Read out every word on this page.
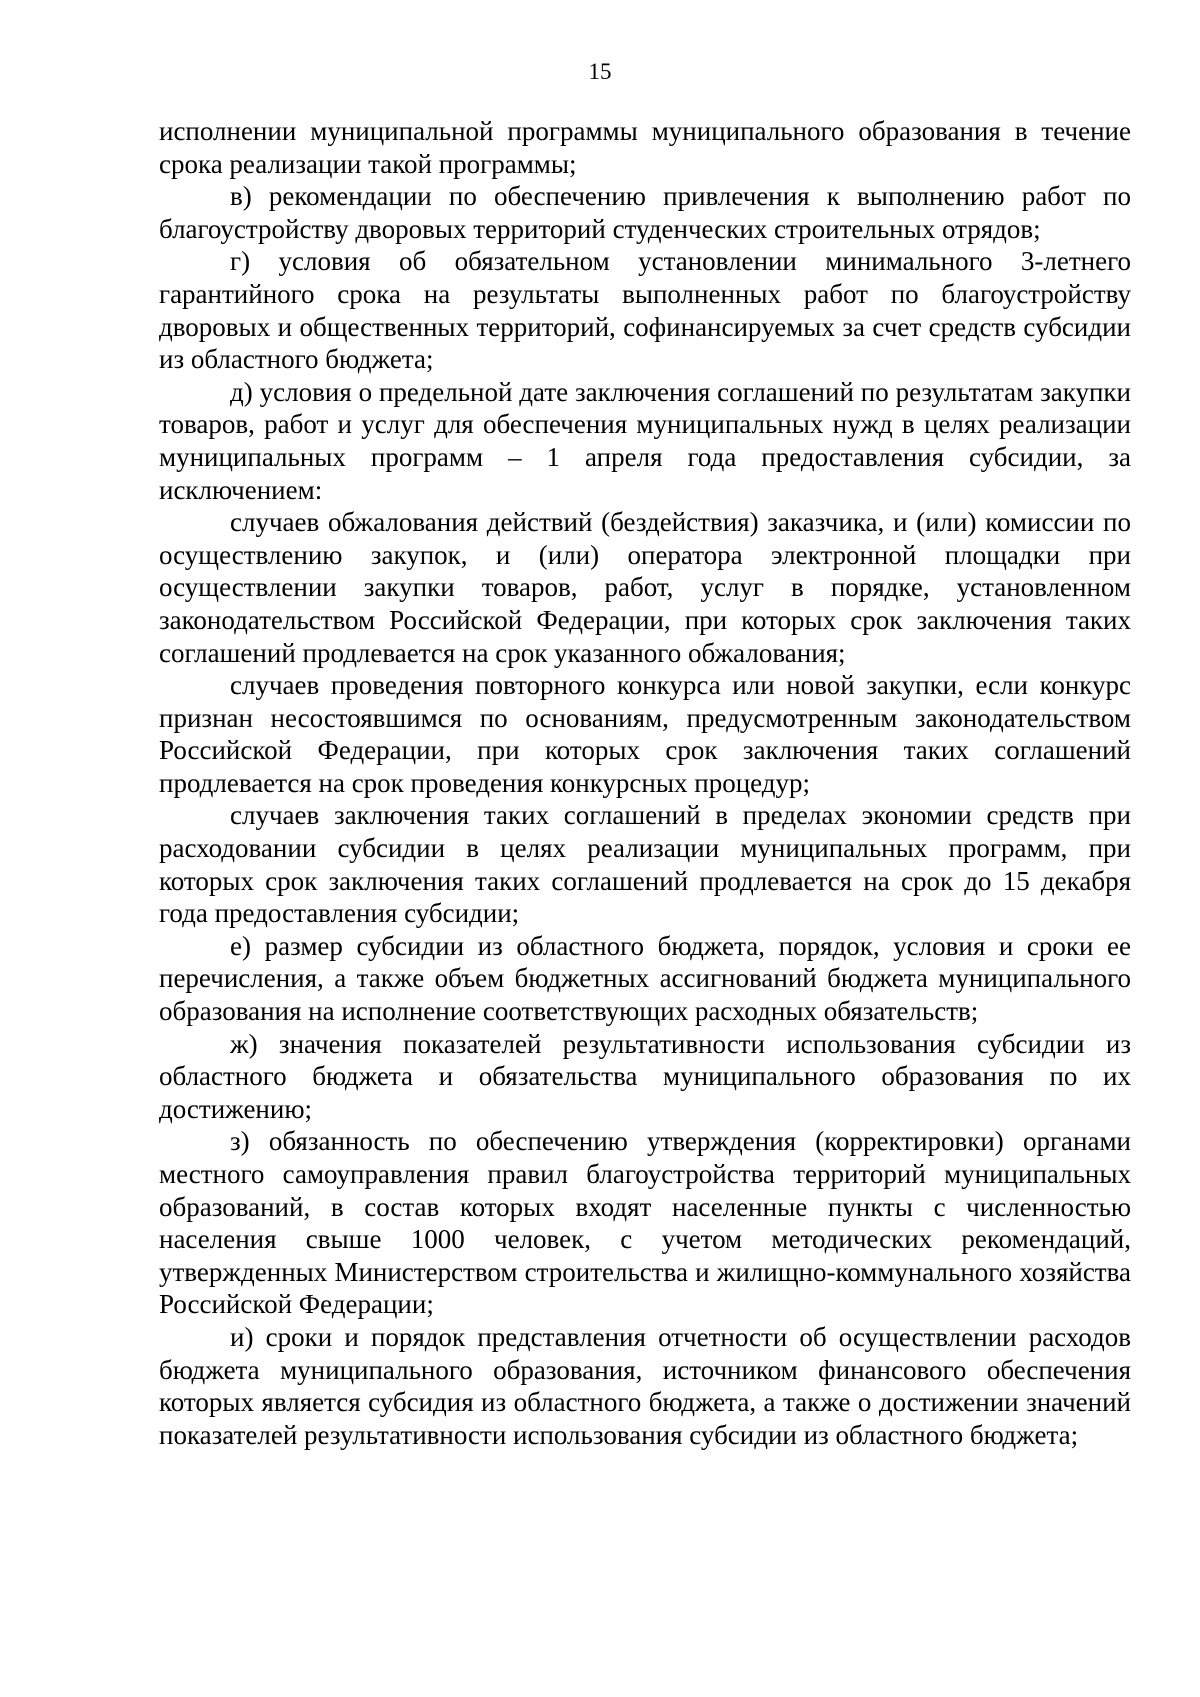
15

исполнении муниципальной программы муниципального образования в течение срока реализации такой программы;

в) рекомендации по обеспечению привлечения к выполнению работ по благоустройству дворовых территорий студенческих строительных отрядов;

г) условия об обязательном установлении минимального 3-летнего гарантийного срока на результаты выполненных работ по благоустройству дворовых и общественных территорий, софинансируемых за счет средств субсидии из областного бюджета;

д) условия о предельной дате заключения соглашений по результатам закупки товаров, работ и услуг для обеспечения муниципальных нужд в целях реализации муниципальных программ – 1 апреля года предоставления субсидии, за исключением:

случаев обжалования действий (бездействия) заказчика, и (или) комиссии по осуществлению закупок, и (или) оператора электронной площадки при осуществлении закупки товаров, работ, услуг в порядке, установленном законодательством Российской Федерации, при которых срок заключения таких соглашений продлевается на срок указанного обжалования;

случаев проведения повторного конкурса или новой закупки, если конкурс признан несостоявшимся по основаниям, предусмотренным законодательством Российской Федерации, при которых срок заключения таких соглашений продлевается на срок проведения конкурсных процедур;

случаев заключения таких соглашений в пределах экономии средств при расходовании субсидии в целях реализации муниципальных программ, при которых срок заключения таких соглашений продлевается на срок до 15 декабря года предоставления субсидии;

е) размер субсидии из областного бюджета, порядок, условия и сроки ее перечисления, а также объем бюджетных ассигнований бюджета муниципального образования на исполнение соответствующих расходных обязательств;

ж) значения показателей результативности использования субсидии из областного бюджета и обязательства муниципального образования по их достижению;

з) обязанность по обеспечению утверждения (корректировки) органами местного самоуправления правил благоустройства территорий муниципальных образований, в состав которых входят населенные пункты с численностью населения свыше 1000 человек, с учетом методических рекомендаций, утвержденных Министерством строительства и жилищно-коммунального хозяйства Российской Федерации;

и) сроки и порядок представления отчетности об осуществлении расходов бюджета муниципального образования, источником финансового обеспечения которых является субсидия из областного бюджета, а также о достижении значений показателей результативности использования субсидии из областного бюджета;
